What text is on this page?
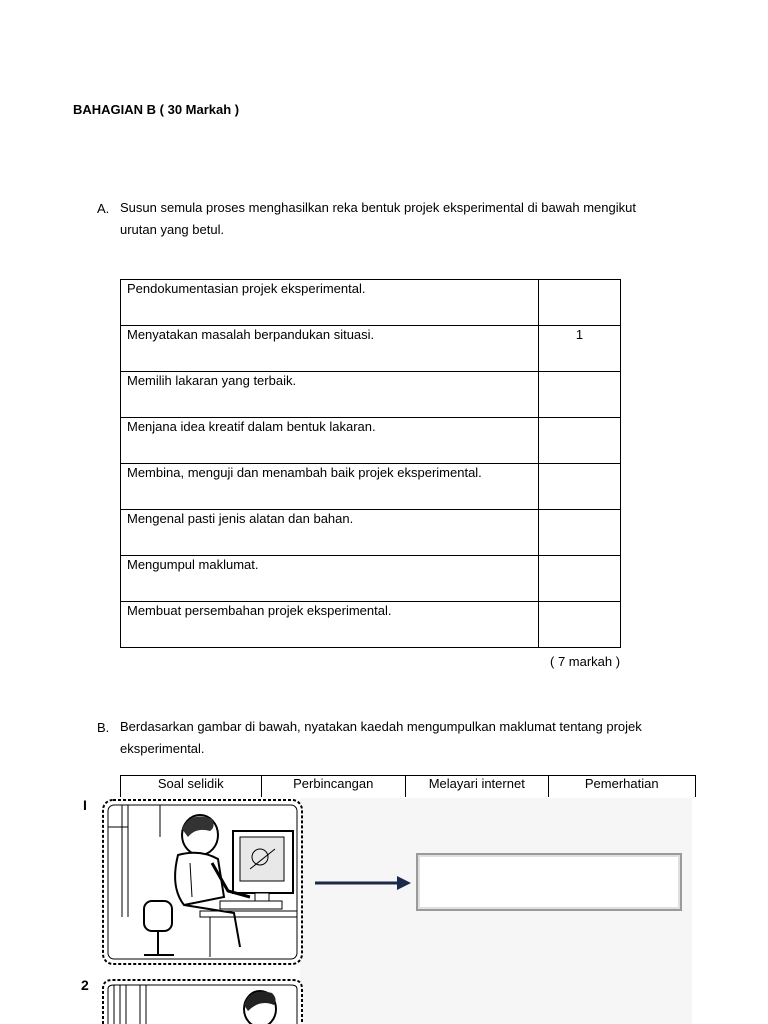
BAHAGIAN B ( 30 Markah )
A. Susun semula proses menghasilkan reka bentuk projek eksperimental di bawah mengikut
urutan yang betul.
Pendokumentasian projek eksperimental.	
Menyatakan masalah berpandukan situasi.	1
Memilih lakaran yang terbaik.	
Menjana idea kreatif dalam bentuk lakaran.	
Membina, menguji dan menambah baik projek eksperimental.	
Mengenal pasti jenis alatan dan bahan.	
Mengumpul maklumat.	
Membuat persembahan projek eksperimental.	
( 7 markah )
B. Berdasarkan gambar di bawah, nyatakan kaedah mengumpulkan maklumat tentang projek
eksperimental.
Soal selidik	Perbincangan	Melayari internet	Pemerhatian
I
2
